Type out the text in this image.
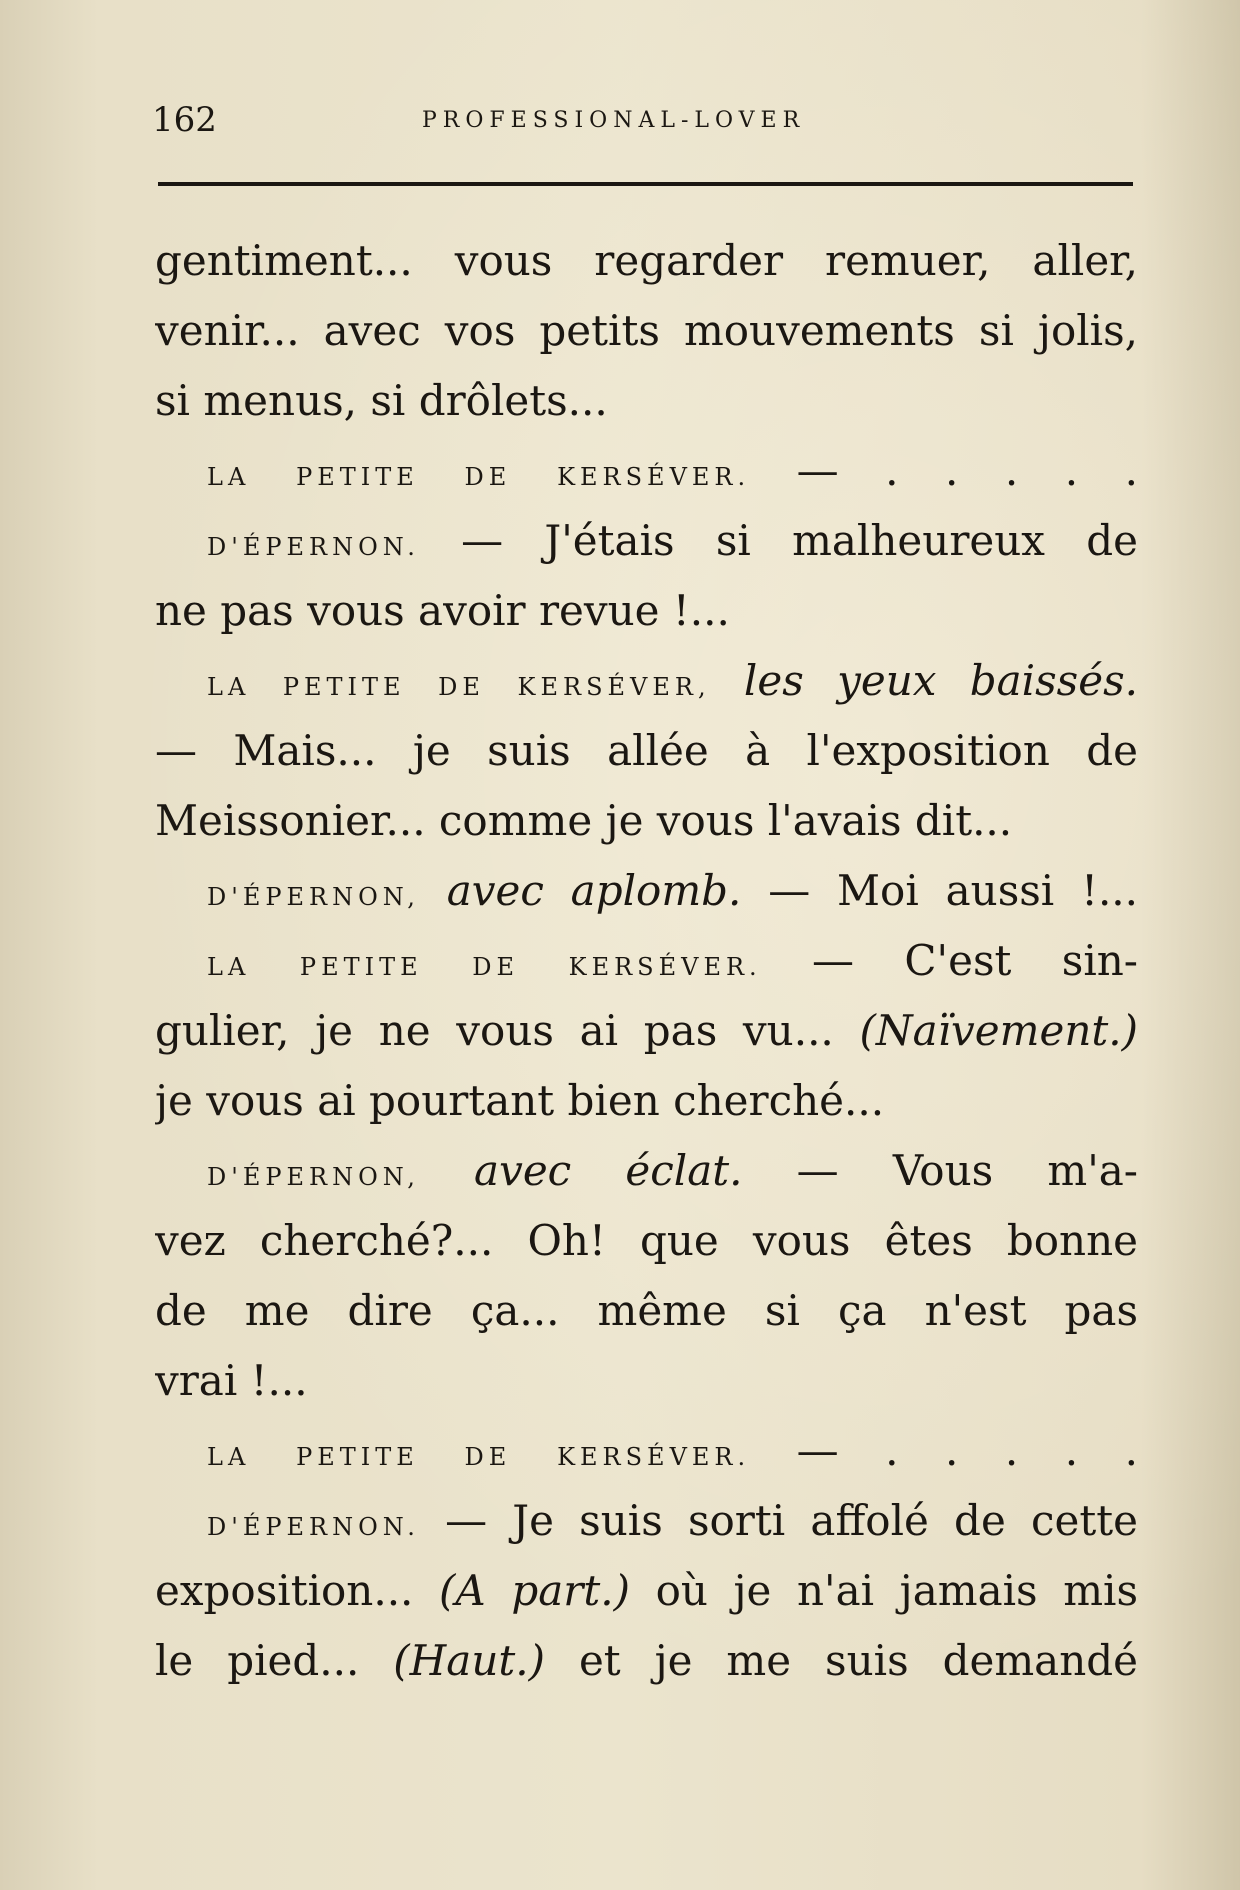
162	PROFESSIONAL-LOVER
gentiment... vous regarder remuer, aller,
venir... avec vos petits mouvements si jolis,
si menus, si drôlets...
LA PETITE DE KERSÉVER. — . . . . .
D'ÉPERNON. — J'étais si malheureux de
ne pas vous avoir revue !...
LA PETITE DE KERSÉVER, les yeux baissés.
— Mais... je suis allée à l'exposition de
Meissonier... comme je vous l'avais dit...
D'ÉPERNON, avec aplomb. — Moi aussi !...
LA PETITE DE KERSÉVER. — C'est sin-
gulier, je ne vous ai pas vu... (Naïvement.)
je vous ai pourtant bien cherché...
D'ÉPERNON, avec éclat. — Vous m'a-
vez cherché?... Oh! que vous êtes bonne
de me dire ça... même si ça n'est pas
vrai !...
LA PETITE DE KERSÉVER. — . . . . .
D'ÉPERNON. — Je suis sorti affolé de cette
exposition... (A part.) où je n'ai jamais mis
le pied... (Haut.) et je me suis demandé
